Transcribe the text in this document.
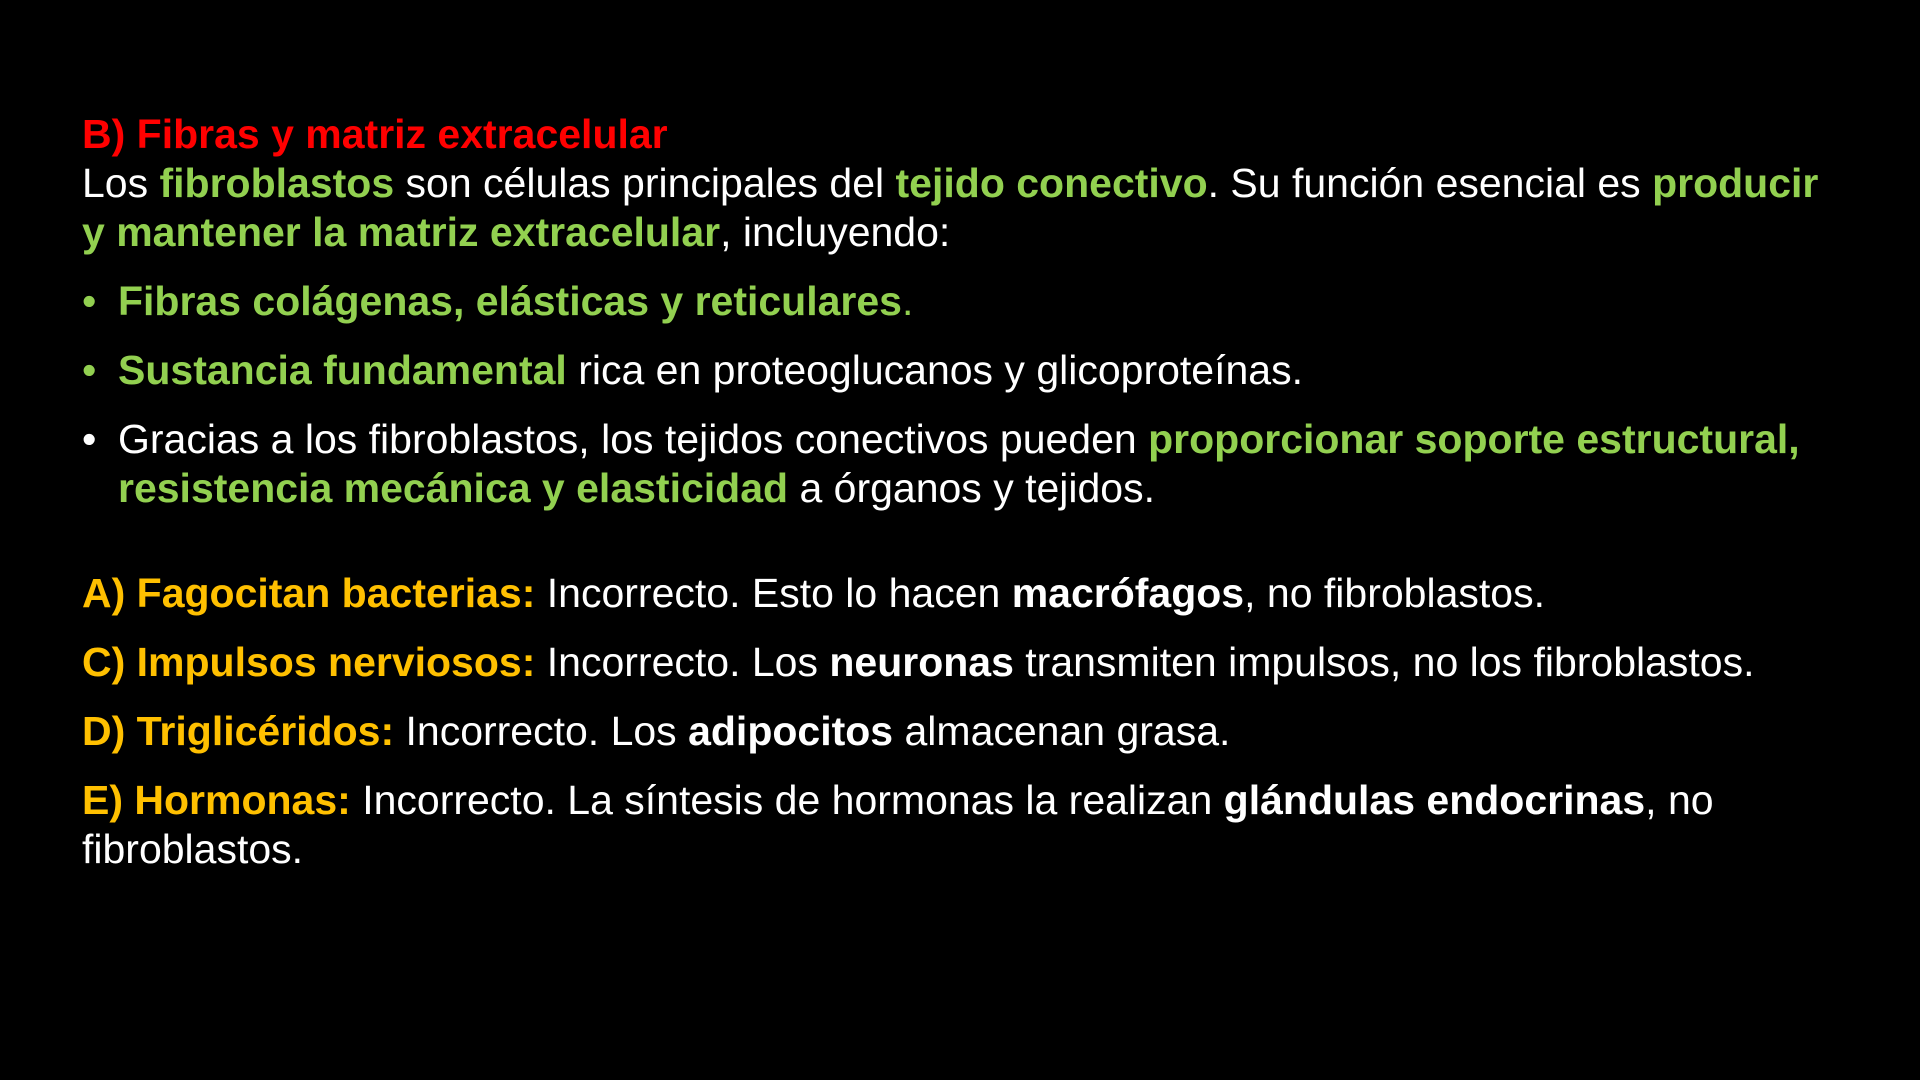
B) Fibras y matriz extracelular

Los fibroblastos son células principales del tejido conectivo. Su función esencial es producir y mantener la matriz extracelular, incluyendo:

• Fibras colágenas, elásticas y reticulares.
• Sustancia fundamental rica en proteoglucanos y glicoproteínas.
• Gracias a los fibroblastos, los tejidos conectivos pueden proporcionar soporte estructural, resistencia mecánica y elasticidad a órganos y tejidos.

A) Fagocitan bacterias: Incorrecto. Esto lo hacen macrófagos, no fibroblastos.

C) Impulsos nerviosos: Incorrecto. Los neuronas transmiten impulsos, no los fibroblastos.

D) Triglicéridos: Incorrecto. Los adipocitos almacenan grasa.

E) Hormonas: Incorrecto. La síntesis de hormonas la realizan glándulas endocrinas, no fibroblastos.
